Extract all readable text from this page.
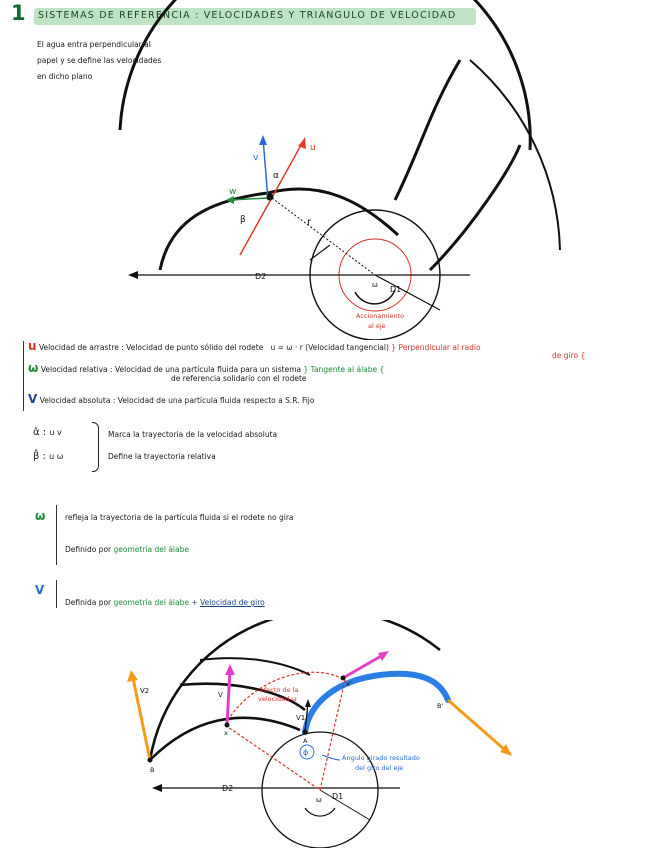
1 SISTEMAS DE REFERENCIA : VELOCIDADES Y TRIANGULO DE VELOCIDAD
El agua entra perpendicular al
papel y se define las velocidades
en dicho plano
D2
D1
r
ω
u
v
w
α
β
Accionamiento
al eje
u Velocidad de arrastre : Velocidad de punto sólido del rodete u = ω · r (Velocidad tangencial) } Perpendicular al radio
de giro {
ω Velocidad relativa : Velocidad de una partícula fluida para un sistema } Tangente al álabe {
de referencia solidario con el rodete
V Velocidad absoluta : Velocidad de una partícula fluida respecto a S.R. Fijo
α̂ : u v
β̂ : u ω
Marca la trayectoria de la velocidad absoluta
Define la trayectoria relativa
ω	refleja la trayectoria de la partícula fluida si el rodete no gira
Definido por geometría del álabe
V
Definida por geometría del álabe + Velocidad de giro
D2
D1
ω
efecto de la
velocidad ω
ϕ
Ángulo girado resultado
del giro del eje
V2	V
V1
x
x'
A
B
B'
